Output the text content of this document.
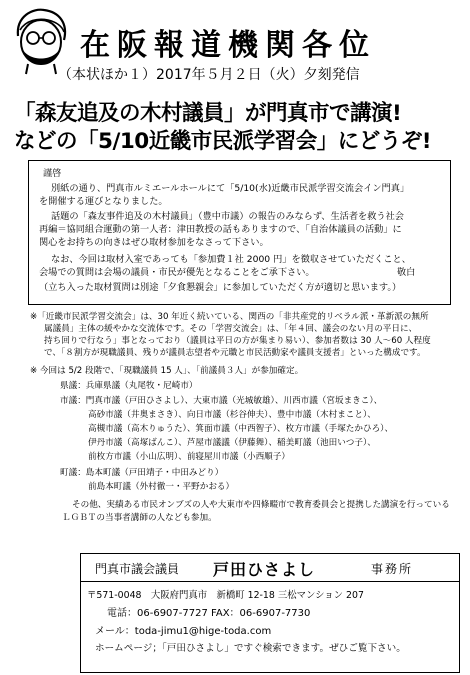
在阪報道機関各位
（本状ほか１）2017年５月２日（火）夕刻発信
「森友追及の木村議員」が門真市で講演!
などの「5/10近畿市民派学習会」にどうぞ!
謹啓
別紙の通り、門真市ルミエールホールにて「5/10(水)近畿市民派学習交流会イン門真」
を開催する運びとなりました。
話題の「森友事件追及の木村議員」（豊中市議）の報告のみならず、生活者を救う社会
再編＝協同組合運動の第一人者：津田教授の話もありますので、「自治体議員の活動」に
関心をお持ちの向きはぜひ取材参加をなさって下さい。
なお、今回は取材入室であっても「参加費１社 2000 円」を徴収させていただくこと、
会場での質問は会場の議員・市民が優先となることをご承下さい。	敬白
（立ち入った取材質問は別途「夕食懇親会」に参加していただく方が適切と思います。）
※「近畿市民派学習交流会」は、30 年近く続いている、関西の「非共産党的リベラル派・革新派の無所
属議員」主体の緩やかな交流体です。その「学習交流会」は、「年４回、議会のない月の平日に、
持ち回りで行なう」事となっており（議員は平日の方が集まり易い）、参加者数は 30 人～60 人程度
で、「８割方が現職議員、残りが議員志望者や元職と市民活動家や議員支援者」といった構成です。
※ 今回は 5/2 段階で、「現職議員 15 人」、「前議員３人」が参加確定。
県議：兵庫県議（丸尾牧・尼崎市）
市議：門真市議（戸田ひさよし）、大東市議（光城敏雄）、川西市議（宮坂まきこ）、
高砂市議（井奥まさき）、向日市議（杉谷伸夫）、豊中市議（木村まこと）、
高槻市議（高木りゅうた）、箕面市議（中西智子）、枚方市議（手塚たかひろ）、
伊丹市議（高塚ばんこ）、芦屋市議議（伊藤舞）、稲美町議（池田いつ子）、
前枚方市議（小山広明）、前寝屋川市議（小西順子）
町議：島本町議（戸田靖子・中田みどり）
前島本町議（外村徹一・平野かおる）
その他、実績ある市民オンブズの人や大東市や四條畷市で教育委員会と提携した講演を行っている
ＬＧＢＴの当事者講師の人なども参加。
門真市議会議員 戸田ひさよし	事務所
〒571-0048　大阪府門真市　新橋町 12-18 三松マンション 207
電話：06-6907-7727 FAX：06-6907-7730
メール：toda-jimu1@hige-toda.com
ホームページ；「戸田ひさよし」ですぐ検索できます。ぜひご覧下さい。
